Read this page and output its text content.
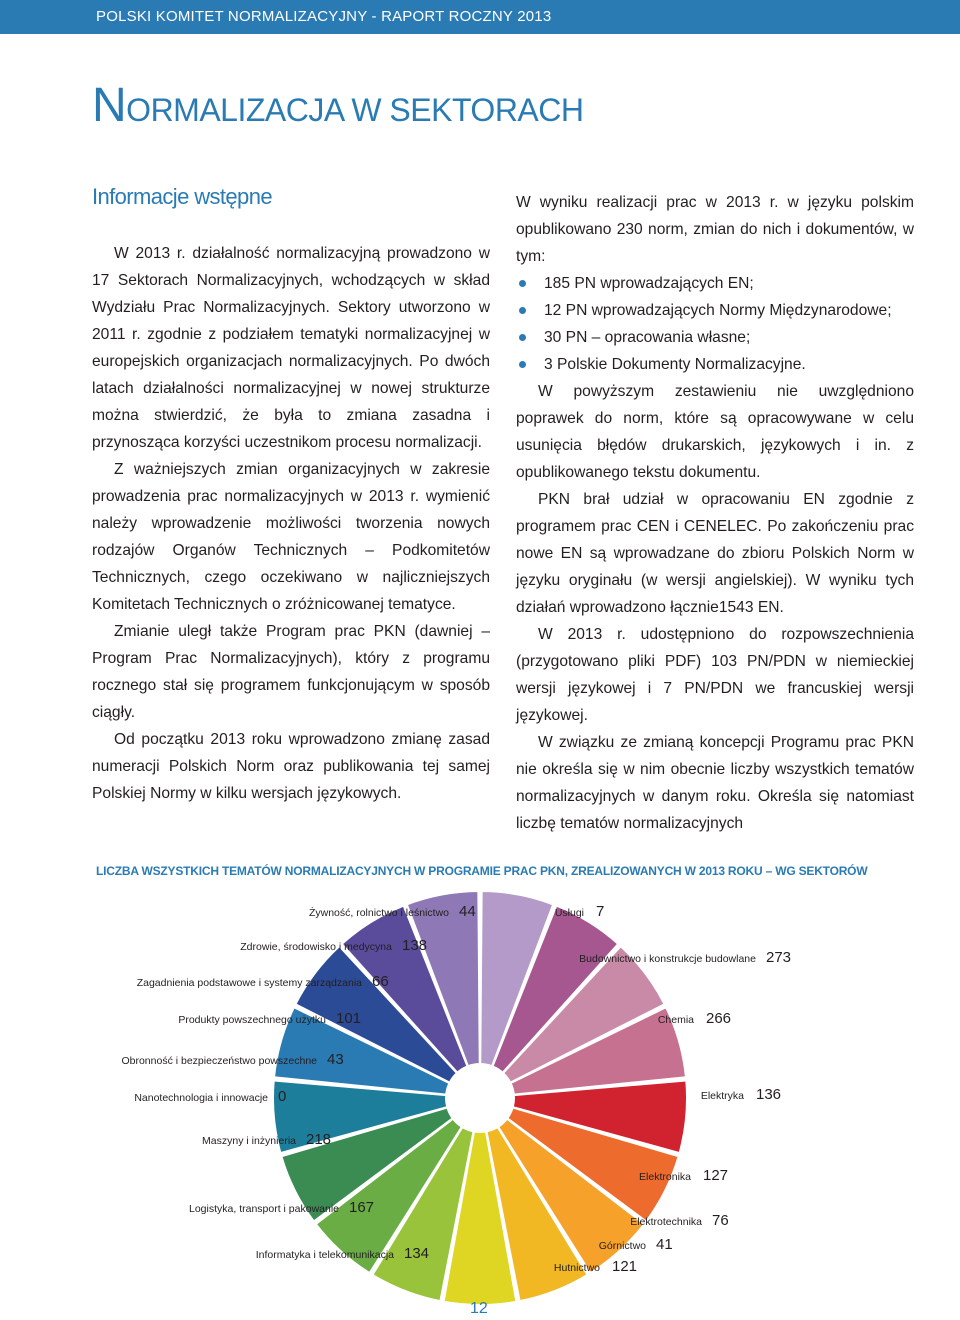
POLSKI KOMITET NORMALIZACYJNY - RAPORT ROCZNY 2013
NORMALIZACJA W SEKTORACH
Informacje wstępne

W 2013 r. działalność normalizacyjną prowadzono w 17 Sektorach Normalizacyjnych, wchodzących w skład Wydziału Prac Normalizacyjnych. Sektory utworzono w 2011 r. zgodnie z podziałem tematyki normalizacyjnej w europejskich organizacjach normalizacyjnych. Po dwóch latach działalności normalizacyjnej w nowej strukturze można stwierdzić, że była to zmiana zasadna i przynosząca korzyści uczestnikom procesu normalizacji.

Z ważniejszych zmian organizacyjnych w zakresie prowadzenia prac normalizacyjnych w 2013 r. wymienić należy wprowadzenie możliwości tworzenia nowych rodzajów Organów Technicznych – Podkomitetów Technicznych, czego oczekiwano w najliczniejszych Komitetach Technicznych o zróżnicowanej tematyce.

Zmianie uległ także Program prac PKN (dawniej – Program Prac Normalizacyjnych), który z programu rocznego stał się programem funkcjonującym w sposób ciągły.

Od początku 2013 roku wprowadzono zmianę zasad numeracji Polskich Norm oraz publikowania tej samej Polskiej Normy w kilku wersjach językowych.

W wyniku realizacji prac w 2013 r. w języku polskim opublikowano 230 norm, zmian do nich i dokumentów, w tym:

185 PN wprowadzających EN;
12 PN wprowadzających Normy Międzynarodowe;
30 PN – opracowania własne;
3 Polskie Dokumenty Normalizacyjne.

W powyższym zestawieniu nie uwzględniono poprawek do norm, które są opracowywane w celu usunięcia błędów drukarskich, językowych i in. z opublikowanego tekstu dokumentu.

PKN brał udział w opracowaniu EN zgodnie z programem prac CEN i CENELEC. Po zakończeniu prac nowe EN są wprowadzane do zbioru Polskich Norm w języku oryginału (w wersji angielskiej). W wyniku tych działań wprowadzono łącznie1543 EN.

W 2013 r. udostępniono do rozpowszechnienia (przygotowano pliki PDF) 103 PN/PDN w niemieckiej wersji językowej i 7 PN/PDN we francuskiej wersji językowej.

W związku ze zmianą koncepcji Programu prac PKN nie określa się w nim obecnie liczby wszystkich tematów normalizacyjnych w danym roku. Określa się natomiast liczbę tematów normalizacyjnych

LICZBA WSZYSTKICH TEMATÓW NORMALIZACYJNYCH W PROGRAMIE PRAC PKN, ZREALIZOWANYCH W 2013 ROKU – WG SEKTORÓW
Usługi 7
Budownictwo i konstrukcje budowlane 273
Chemia 266
Elektryka 136
Elektronika 127
Elektrotechnika 76
Górnictwo 41
Hutnictwo 121
Informatyka i telekomunikacja 134
Logistyka, transport i pakowanie 167
Maszyny i inżynieria 218
Nanotechnologia i innowacje 0
Obronność i bezpieczeństwo powszechne 43
Produkty powszechnego użytku 101
Zagadnienia podstawowe i systemy zarządzania 66
Zdrowie, środowisko i medycyna 138
Żywność, rolnictwo i leśnictwo 44
12
